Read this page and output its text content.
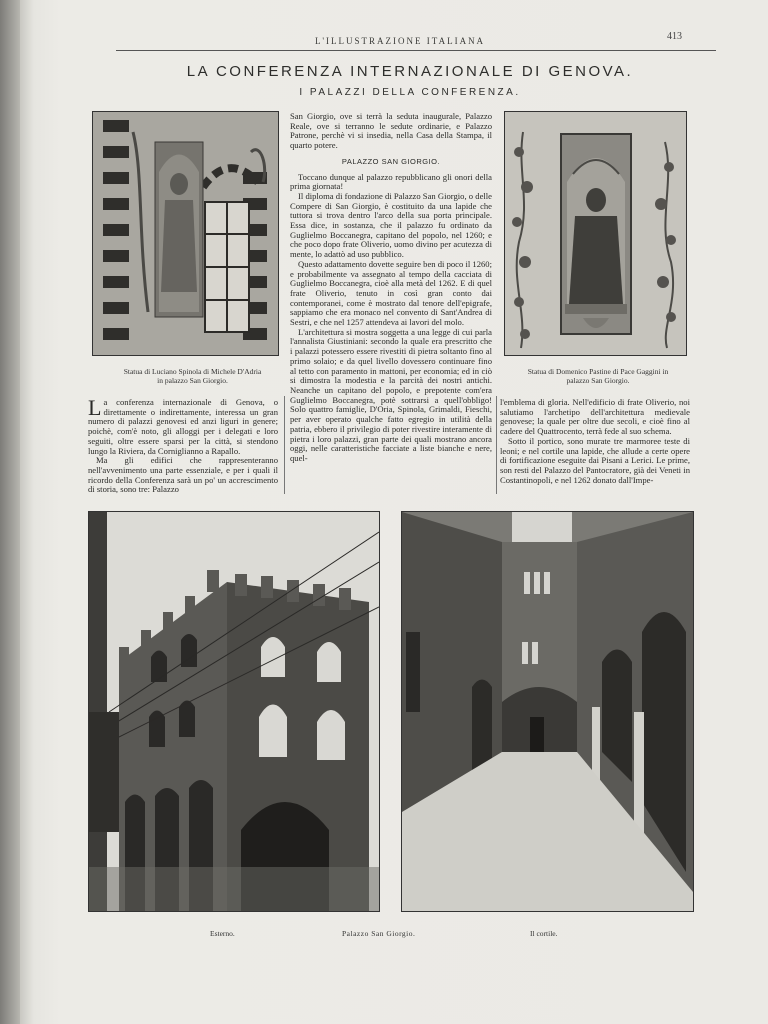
L'ILLUSTRAZIONE ITALIANA	413
LA CONFERENZA INTERNAZIONALE DI GENOVA.
I PALAZZI DELLA CONFERENZA.
Statua di Luciano Spinola di Michele D'Adria in palazzo San Giorgio.
Statua di Domenico Pastine di Pace Gaggini in palazzo San Giorgio.

San Giorgio, ove si terrà la seduta inaugurale, Palazzo Reale, ove si terranno le sedute ordinarie, e Palazzo Patrone, perchè vi si insedia, nella Casa della Stampa, il quarto potere.

PALAZZO SAN GIORGIO.

Toccano dunque al palazzo repubblicano gli onori della prima giornata!

Il diploma di fondazione di Palazzo San Giorgio, o delle Compere di San Giorgio, è costituito da una lapide che tuttora si trova dentro l'arco della sua porta principale. Essa dice, in sostanza, che il palazzo fu ordinato da Guglielmo Boccanegra, capitano del popolo, nel 1260; e che poco dopo frate Oliverio, uomo divino per acutezza di mente, lo adattò ad uso pubblico.

Questo adattamento dovette seguire ben di poco il 1260; e probabilmente va assegnato al tempo della cacciata di Guglielmo Boccanegra, cioè alla metà del 1262. E di quel frate Oliverio, tenuto in così gran conto dai contemporanei, come è mostrato dal tenore dell'epigrafe, sappiamo che era monaco nel convento di Sant'Andrea di Sestri, e che nel 1257 attendeva ai lavori del molo.

L'architettura si mostra soggetta a una legge di cui parla l'annalista Giustiniani: secondo la quale era prescritto che i palazzi potessero essere rivestiti di pietra soltanto fino al primo solaio; e da quel livello dovessero continuare fino al tetto con paramento in mattoni, per economia; ed in ciò si dimostra la modestia e la parcità dei nostri antichi. Neanche un capitano del popolo, e prepotente com'era Guglielmo Boccanegra, potè sottrarsi a quell'obbligo! Solo quattro famiglie, D'Oria, Spinola, Grimaldi, Fieschi, per aver operato qualche fatto egregio in utilità della patria, ebbero il privilegio di poter rivestire interamente di pietra i loro palazzi, gran parte dei quali mostrano ancora oggi, nelle caratteristiche facciate a liste bianche e nere, quel-

La conferenza internazionale di Genova, o direttamente o indirettamente, interessa un gran numero di palazzi genovesi ed anzi liguri in genere; poichè, com'è noto, gli alloggi per i delegati e loro seguiti, oltre essere sparsi per la città, si stendono lungo la Riviera, da Corniglianno a Rapallo.

Ma gli edifici che rappresenteranno nell'avvenimento una parte essenziale, e per i quali il ricordo della Conferenza sarà un po' un accrescimento di storia, sono tre: Palazzo

l'emblema di gloria. Nell'edificio di frate Oliverio, noi salutiamo l'archetipo dell'architettura medievale genovese; la quale per oltre due secoli, e cioè fino al cadere del Quattrocento, terrà fede al suo schema.

Sotto il portico, sono murate tre marmoree teste di leoni; e nel cortile una lapide, che allude a certe opere di fortificazione eseguite dai Pisani a Lerici. Le prime, son resti del Palazzo del Pantocratore, già dei Veneti in Costantinopoli, e nel 1262 donato dall'Impe-

Esterno.	Palazzo San Giorgio.	Il cortile.
